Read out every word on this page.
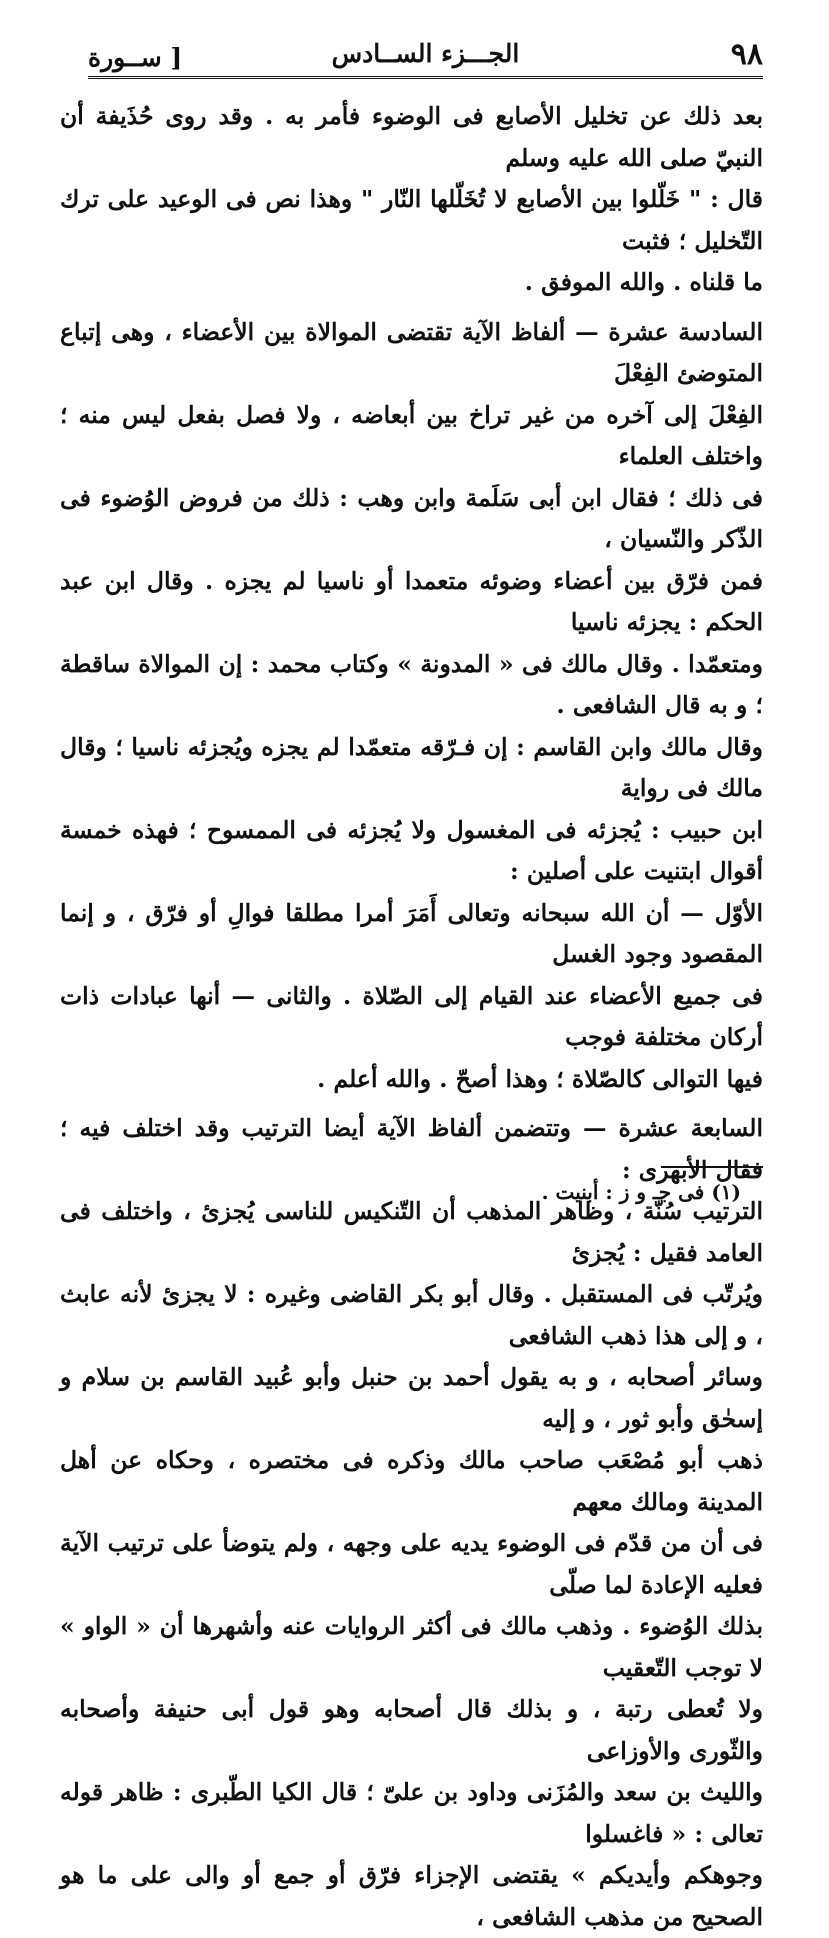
٩٨
الجـــزء الســادس
[ ســورة

بعد ذلك عن تخليل الأصابع فى الوضوء فأمر به . وقد روى حُذَيفة أن النبيّ صلى الله عليه وسلم
قال : " خَلّلوا بين الأصابع لا تُخَلّلها النّار " وهذا نص فى الوعيد على ترك التّخليل ؛ فثبت
ما قلناه . والله الموفق .

السادسة عشرة — ألفاظ الآية تقتضى الموالاة بين الأعضاء ، وهى إتباع المتوضئ الفِعْلَ
الفِعْلَ إلى آخره من غير تراخ بين أبعاضه ، ولا فصل بفعل ليس منه ؛ واختلف العلماء
فى ذلك ؛ فقال ابن أبى سَلَمة وابن وهب : ذلك من فروض الوُضوء فى الذّكر والنّسيان ،
فمن فرّق بين أعضاء وضوئه متعمدا أو ناسيا لم يجزه . وقال ابن عبد الحكم : يجزئه ناسيا
ومتعمّدا . وقال مالك فى « المدونة » وكتاب محمد : إن الموالاة ساقطة ؛ و به قال الشافعى .
وقال مالك وابن القاسم : إن فـرّقه متعمّدا لم يجزه ويُجزئه ناسيا ؛ وقال مالك فى رواية
ابن حبيب : يُجزئه فى المغسول ولا يُجزئه فى الممسوح ؛ فهذه خمسة أقوال ابتنيت على أصلين :
الأوّل — أن الله سبحانه وتعالى أَمَرَ أمرا مطلقا فوالِ أو فرّق ، و إنما المقصود وجود الغسل
فى جميع الأعضاء عند القيام إلى الصّلاة . والثانى — أنها عبادات ذات أركان مختلفة فوجب
فيها التوالى كالصّلاة ؛ وهذا أصحّ . والله أعلم .

السابعة عشرة — وتتضمن ألفاظ الآية أيضا الترتيب وقد اختلف فيه ؛ فقال الأبهرى :
الترتيب سُنّة ، وظاهر المذهب أن التّنكيس للناسى يُجزئ ، واختلف فى العامد فقيل : يُجزئ
ويُرتّب فى المستقبل . وقال أبو بكر القاضى وغيره : لا يجزئ لأنه عابث ، و إلى هذا ذهب الشافعى
وسائر أصحابه ، و به يقول أحمد بن حنبل وأبو عُبيد القاسم بن سلام و إسحٰق وأبو ثور ، و إليه
ذهب أبو مُصْعَب صاحب مالك وذكره فى مختصره ، وحكاه عن أهل المدينة ومالك معهم
فى أن من قدّم فى الوضوء يديه على وجهه ، ولم يتوضأ على ترتيب الآية فعليه الإعادة لما صلّى
بذلك الوُضوء . وذهب مالك فى أكثر الروايات عنه وأشهرها أن « الواو » لا توجب التّعقيب
ولا تُعطى رتبة ، و بذلك قال أصحابه وهو قول أبى حنيفة وأصحابه والثّورى والأوزاعى
والليث بن سعد والمُزَنى وداود بن علىّ ؛ قال الكيا الطّبرى : ظاهر قوله تعالى : « فاغسلوا
وجوهكم وأيديكم » يقتضى الإجزاء فرّق أو جمع أو والى على ما هو الصحيح من مذهب الشافعى ،

(١) فى جـ و ز : أبنيت .
